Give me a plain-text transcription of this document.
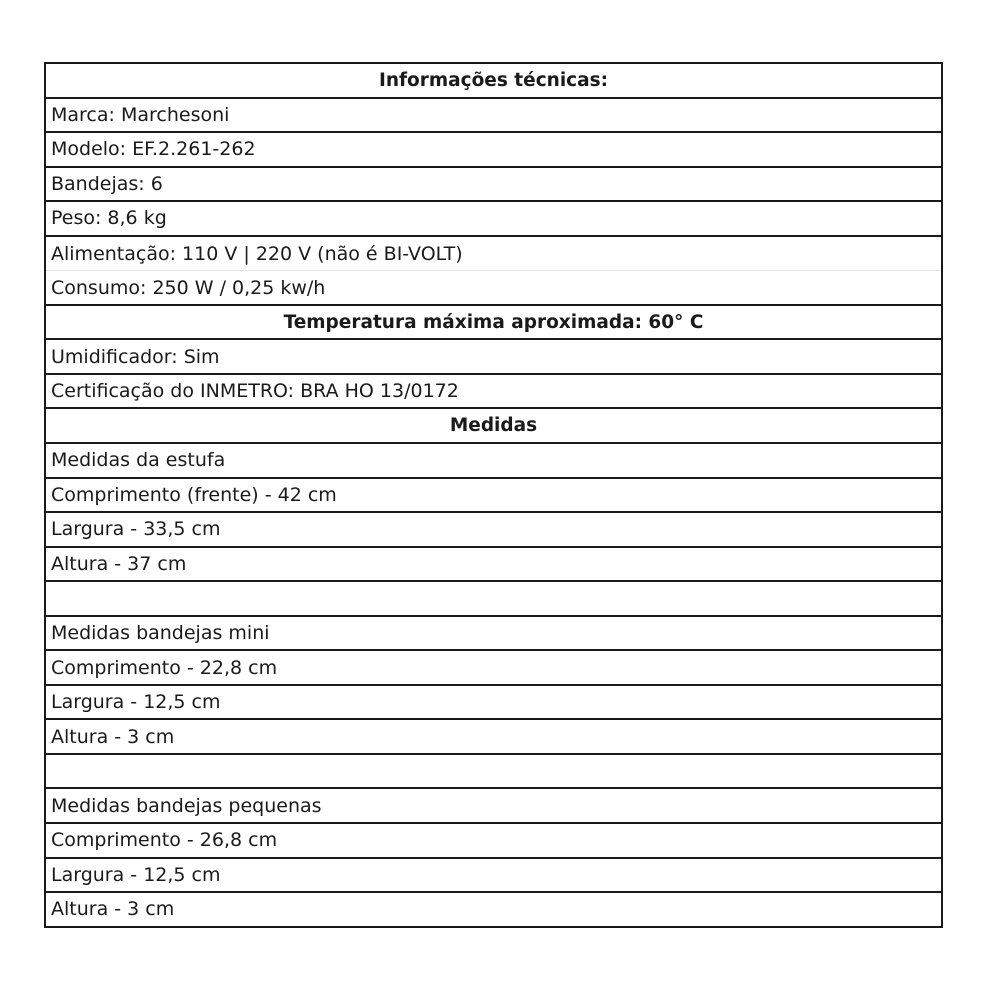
Informações técnicas:
Marca: Marchesoni
Modelo: EF.2.261-262
Bandejas: 6
Peso: 8,6 kg
Alimentação: 110 V | 220 V (não é BI-VOLT)
Consumo: 250 W / 0,25 kw/h
Temperatura máxima aproximada: 60° C
Umidificador: Sim
Certificação do INMETRO: BRA HO 13/0172
Medidas
Medidas da estufa
Comprimento (frente) - 42 cm
Largura - 33,5 cm
Altura - 37 cm
Medidas bandejas mini
Comprimento - 22,8 cm
Largura - 12,5 cm
Altura - 3 cm
Medidas bandejas pequenas
Comprimento - 26,8 cm
Largura - 12,5 cm
Altura - 3 cm
